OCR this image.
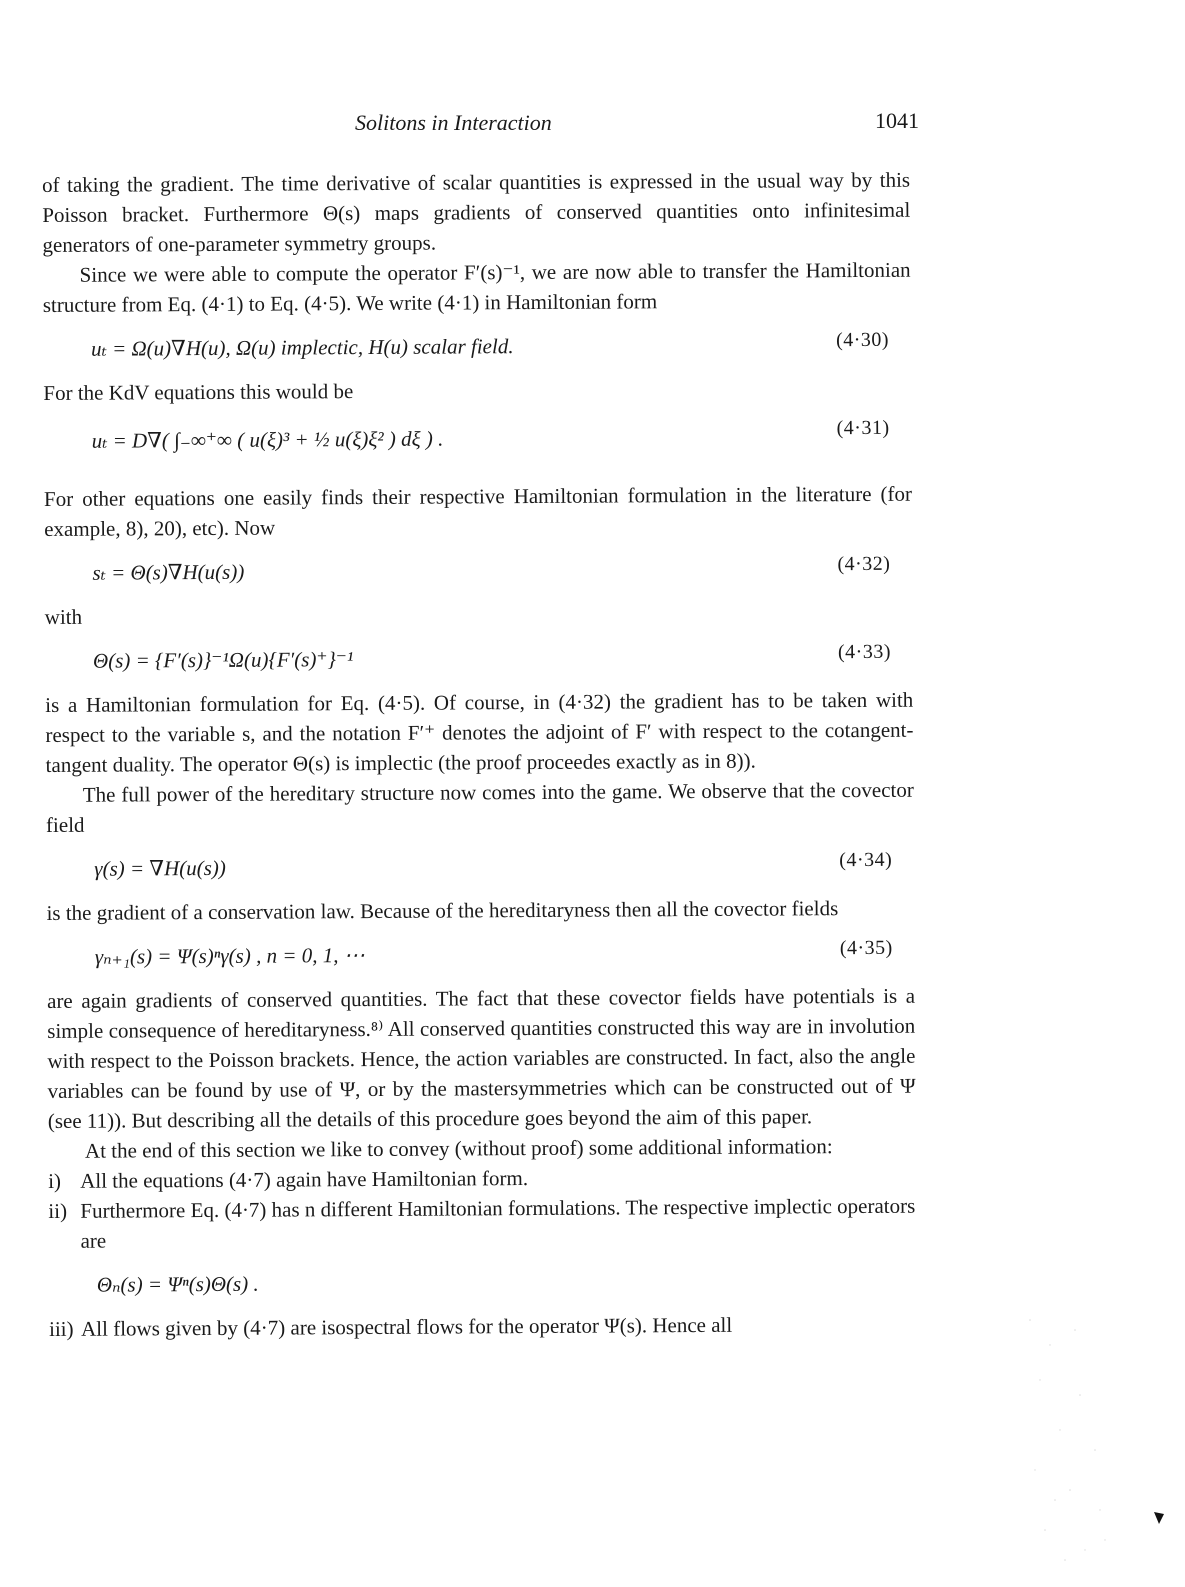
Solitons in Interaction	1041

of taking the gradient. The time derivative of scalar quantities is expressed in the usual way by this Poisson bracket. Furthermore Θ(s) maps gradients of conserved quantities onto infinitesimal generators of one-parameter symmetry groups.

Since we were able to compute the operator F′(s)⁻¹, we are now able to transfer the Hamiltonian structure from Eq. (4·1) to Eq. (4·5). We write (4·1) in Hamiltonian form

uₜ = Ω(u)∇H(u), Ω(u) implectic, H(u) scalar field.	(4·30)

For the KdV equations this would be

uₜ = D∇( ∫₋∞⁺∞ ( u(ξ)³ + ½ u(ξ)ξ² ) dξ ) .	(4·31)

For other equations one easily finds their respective Hamiltonian formulation in the literature (for example, 8), 20), etc). Now

sₜ = Θ(s)∇H(u(s))	(4·32)

with

Θ(s) = {F′(s)}⁻¹Ω(u){F′(s)⁺}⁻¹	(4·33)

is a Hamiltonian formulation for Eq. (4·5). Of course, in (4·32) the gradient has to be taken with respect to the variable s, and the notation F′⁺ denotes the adjoint of F′ with respect to the cotangent-tangent duality. The operator Θ(s) is implectic (the proof proceedes exactly as in 8)).

The full power of the hereditary structure now comes into the game. We observe that the covector field

γ(s) = ∇H(u(s))	(4·34)

is the gradient of a conservation law. Because of the hereditaryness then all the covector fields

γₙ₊₁(s) = Ψ(s)ⁿγ(s) , n = 0, 1, ⋯	(4·35)

are again gradients of conserved quantities. The fact that these covector fields have potentials is a simple consequence of hereditaryness.⁸⁾ All conserved quantities constructed this way are in involution with respect to the Poisson brackets. Hence, the action variables are constructed. In fact, also the angle variables can be found by use of Ψ, or by the mastersymmetries which can be constructed out of Ψ (see 11)). But describing all the details of this procedure goes beyond the aim of this paper.

At the end of this section we like to convey (without proof) some additional information:

i) All the equations (4·7) again have Hamiltonian form.

ii) Furthermore Eq. (4·7) has n different Hamiltonian formulations. The respective implectic operators are

Θₙ(s) = Ψⁿ(s)Θ(s) .

iii) All flows given by (4·7) are isospectral flows for the operator Ψ(s). Hence all
